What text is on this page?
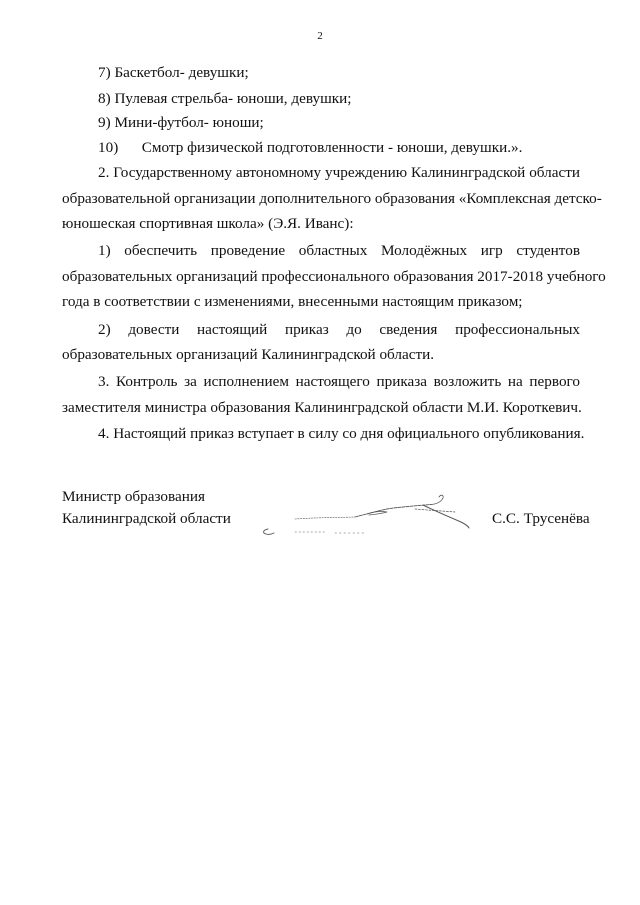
2
7) Баскетбол- девушки;
8) Пулевая стрельба- юноши, девушки;
9) Мини-футбол- юноши;
10) Смотр физической подготовленности - юноши, девушки.».
2. Государственному автономному учреждению Калининградской области
образовательной организации дополнительного образования «Комплексная детско-
юношеская спортивная школа» (Э.Я. Иванс):
1) обеспечить проведение областных Молодёжных игр студентов
образовательных организаций профессионального образования 2017-2018 учебного
года в соответствии с изменениями, внесенными настоящим приказом;
2) довести настоящий приказ до сведения профессиональных
образовательных организаций Калининградской области.
3. Контроль за исполнением настоящего приказа возложить на первого
заместителя министра образования Калининградской области М.И. Короткевич.
4. Настоящий приказ вступает в силу со дня официального опубликования.
Министр образования
Калининградской области	С.С. Трусенёва
